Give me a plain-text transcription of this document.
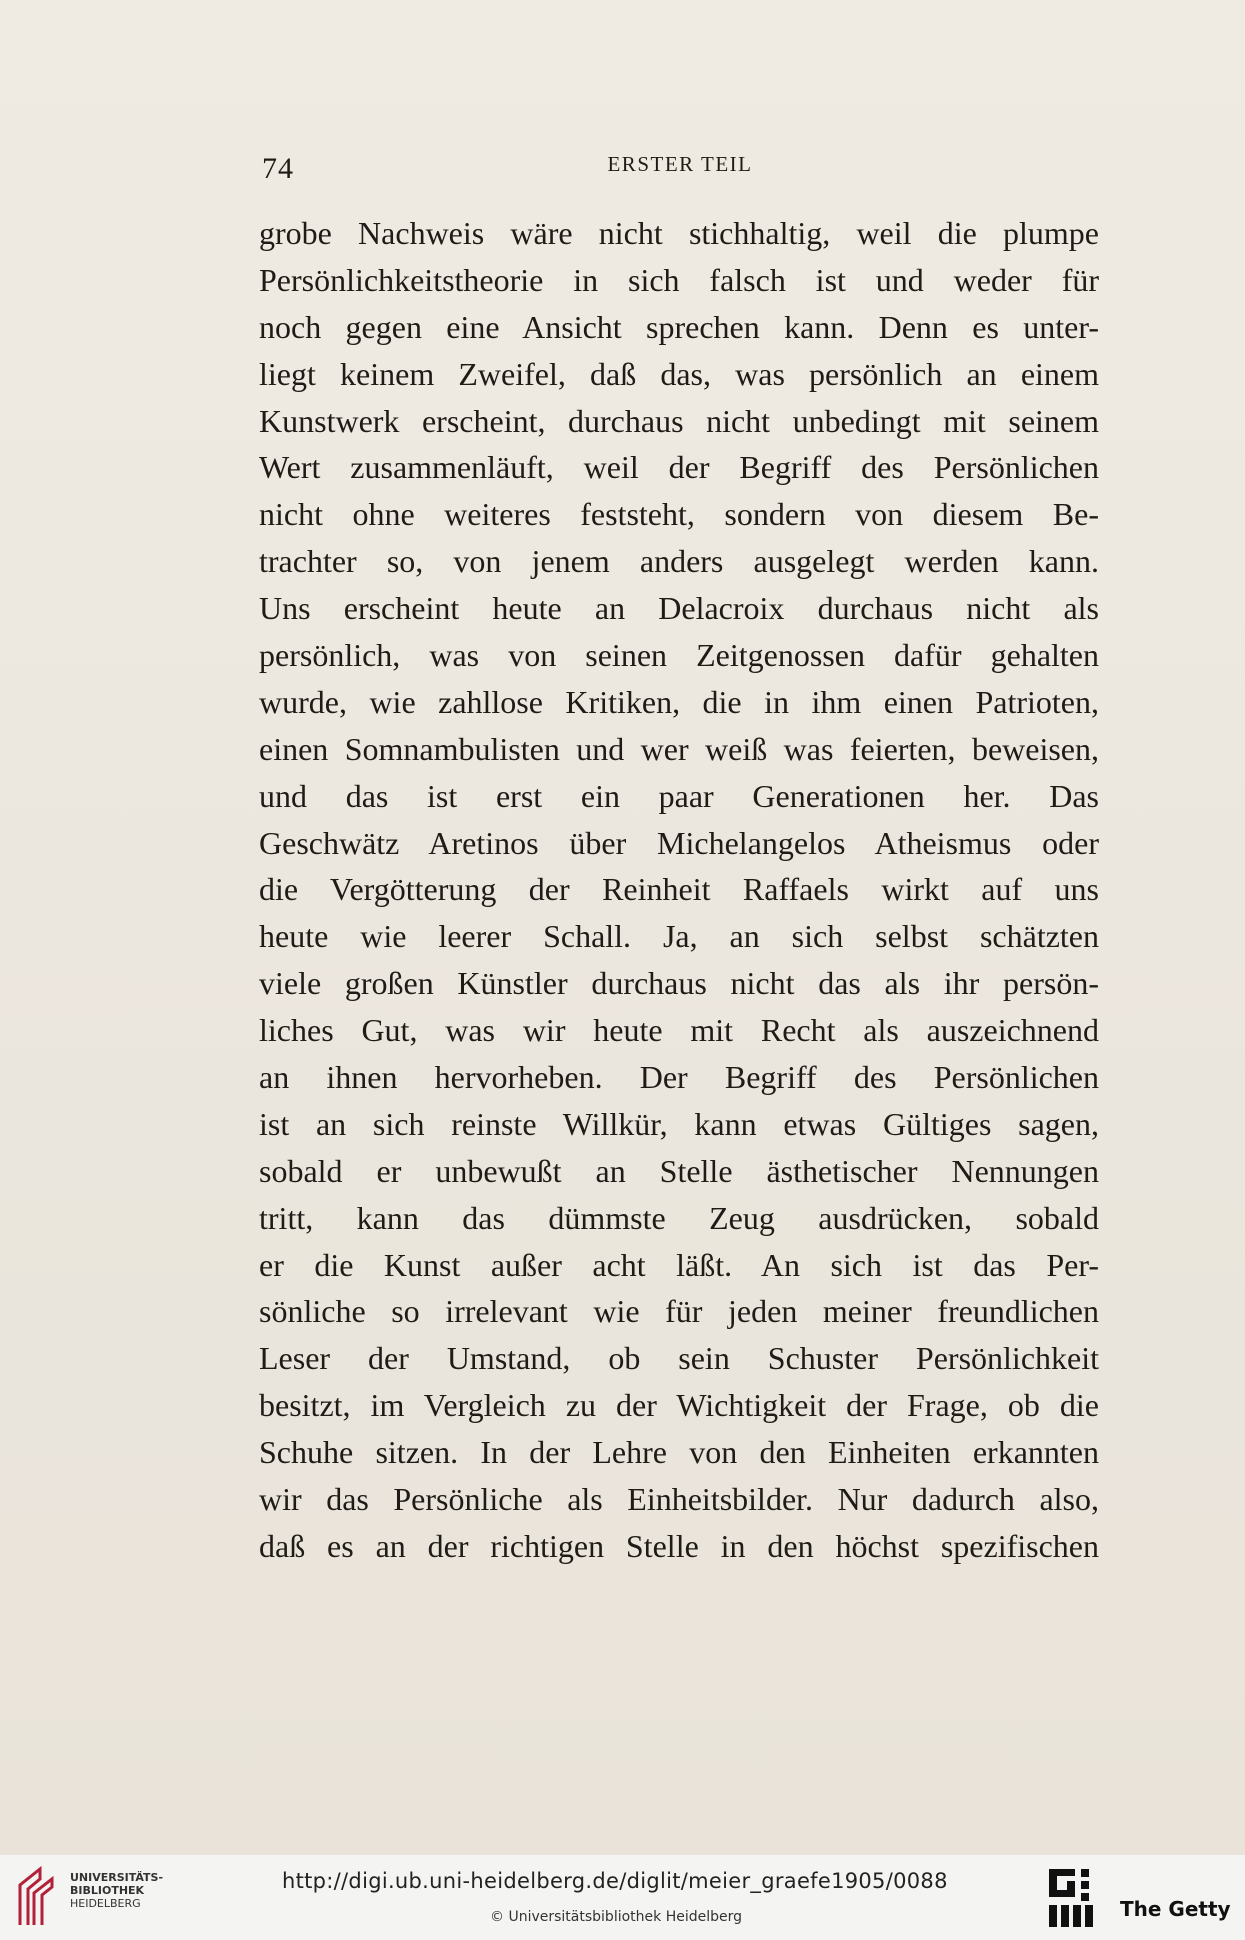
74	ERSTER TEIL
grobe Nachweis wäre nicht stichhaltig, weil die plumpe
Persönlichkeitstheorie in sich falsch ist und weder für
noch gegen eine Ansicht sprechen kann. Denn es unter-
liegt keinem Zweifel, daß das, was persönlich an einem
Kunstwerk erscheint, durchaus nicht unbedingt mit seinem
Wert zusammenläuft, weil der Begriff des Persönlichen
nicht ohne weiteres feststeht, sondern von diesem Be-
trachter so, von jenem anders ausgelegt werden kann.
Uns erscheint heute an Delacroix durchaus nicht als
persönlich, was von seinen Zeitgenossen dafür gehalten
wurde, wie zahllose Kritiken, die in ihm einen Patrioten,
einen Somnambulisten und wer weiß was feierten, beweisen,
und das ist erst ein paar Generationen her. Das
Geschwätz Aretinos über Michelangelos Atheismus oder
die Vergötterung der Reinheit Raffaels wirkt auf uns
heute wie leerer Schall. Ja, an sich selbst schätzten
viele großen Künstler durchaus nicht das als ihr persön-
liches Gut, was wir heute mit Recht als auszeichnend
an ihnen hervorheben. Der Begriff des Persönlichen
ist an sich reinste Willkür, kann etwas Gültiges sagen,
sobald er unbewußt an Stelle ästhetischer Nennungen
tritt, kann das dümmste Zeug ausdrücken, sobald
er die Kunst außer acht läßt. An sich ist das Per-
sönliche so irrelevant wie für jeden meiner freundlichen
Leser der Umstand, ob sein Schuster Persönlichkeit
besitzt, im Vergleich zu der Wichtigkeit der Frage, ob die
Schuhe sitzen. In der Lehre von den Einheiten erkannten
wir das Persönliche als Einheitsbilder. Nur dadurch also,
daß es an der richtigen Stelle in den höchst spezifischen
UNIVERSITÄTS-
BIBLIOTHEK
HEIDELBERG
http://digi.ub.uni-heidelberg.de/diglit/meier_graefe1905/0088
© Universitätsbibliothek Heidelberg	The Getty
